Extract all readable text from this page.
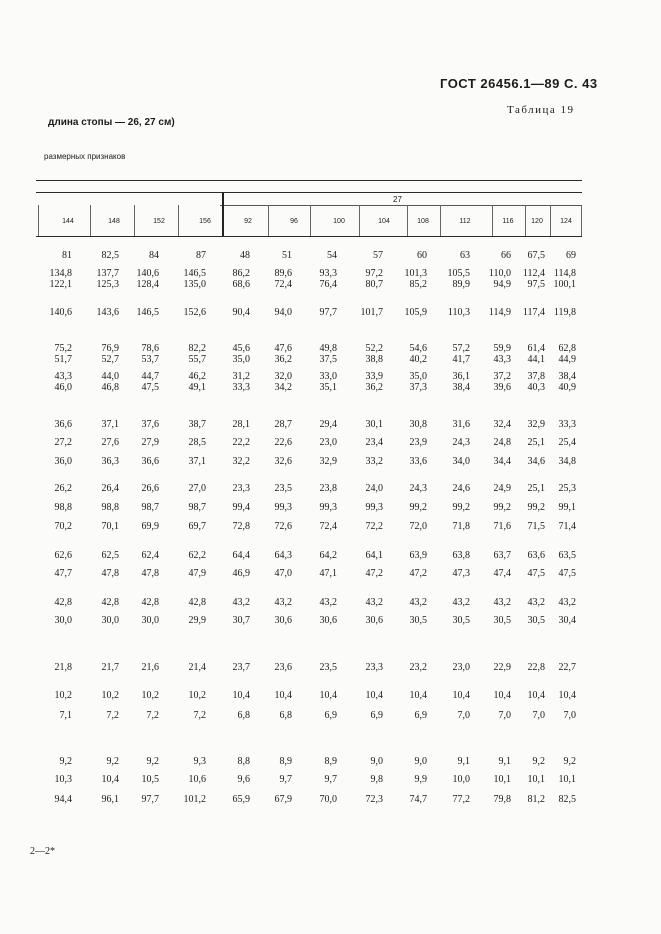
ГОСТ 26456.1—89 С. 43
Таблица 19
длина стопы — 26, 27 см)
размерных признаков
27
144	148	152	156	92	96	100	104	108	112	116	120	124
81	82,5	84	87	48	51	54	57	60	63	66 67,5 69
134,8 137,7 140,6 146,5	86,2 89,6	93,3	97,2 101,3 105,5 110,0 112,4 114,8
122,1 125,3 128,4 135,0	68,6 72,4	76,4	80,7	85,2	89,9 94,9 97,5 100,1
140,6 143,6 146,5 152,6	90,4 94,0	97,7 101,7 105,9 110,3 114,9 117,4 119,8
75,2	76,9 78,6	82,2	45,6 47,6	49,8	52,2	54,6	57,2 59,9 61,4 62,8
51,7	52,7 53,7	55,7	35,0 36,2	37,5	38,8	40,2	41,7 43,3 44,1 44,9
43,3	44,0 44,7	46,2	31,2 32,0	33,0	33,9	35,0	36,1 37,2 37,8 38,4
46,0	46,8 47,5	49,1	33,3 34,2	35,1	36,2	37,3	38,4 39,6 40,3 40,9
36,6	37,1 37,6	38,7	28,1 28,7	29,4	30,1	30,8	31,6 32,4 32,9 33,3
27,2	27,6 27,9	28,5	22,2 22,6	23,0	23,4	23,9	24,3 24,8 25,1 25,4
36,0	36,3 36,6	37,1	32,2 32,6	32,9	33,2	33,6	34,0 34,4 34,6 34,8
26,2	26,4 26,6	27,0	23,3 23,5	23,8	24,0	24,3	24,6 24,9 25,1 25,3
98,8	98,8 98,7	98,7	99,4 99,3	99,3	99,3	99,2	99,2 99,2 99,2 99,1
70,2	70,1 69,9	69,7	72,8 72,6	72,4	72,2	72,0	71,8 71,6 71,5 71,4
62,6	62,5 62,4	62,2	64,4 64,3	64,2	64,1	63,9	63,8 63,7 63,6 63,5
47,7	47,8 47,8	47,9	46,9 47,0	47,1	47,2	47,2	47,3 47,4 47,5 47,5
42,8	42,8 42,8	42,8	43,2 43,2	43,2	43,2	43,2	43,2 43,2 43,2 43,2
30,0	30,0 30,0	29,9	30,7 30,6	30,6	30,6	30,5	30,5 30,5 30,5 30,4
21,8	21,7 21,6	21,4	23,7 23,6	23,5	23,3	23,2	23,0 22,9 22,8 22,7
10,2	10,2 10,2	10,2	10,4 10,4	10,4	10,4	10,4	10,4 10,4 10,4 10,4
7,1	7,2	7,2	7,2	6,8	6,8	6,9	6,9	6,9	7,0	7,0 7,0 7,0
9,2	9,2	9,2	9,3	8,8	8,9	8,9	9,0	9,0	9,1	9,1 9,2 9,2
10,3	10,4 10,5	10,6	9,6	9,7	9,7	9,8	9,9	10,0 10,1 10,1 10,1
94,4	96,1 97,7 101,2	65,9 67,9	70,0	72,3	74,7	77,2 79,8 81,2 82,5
2—2*
